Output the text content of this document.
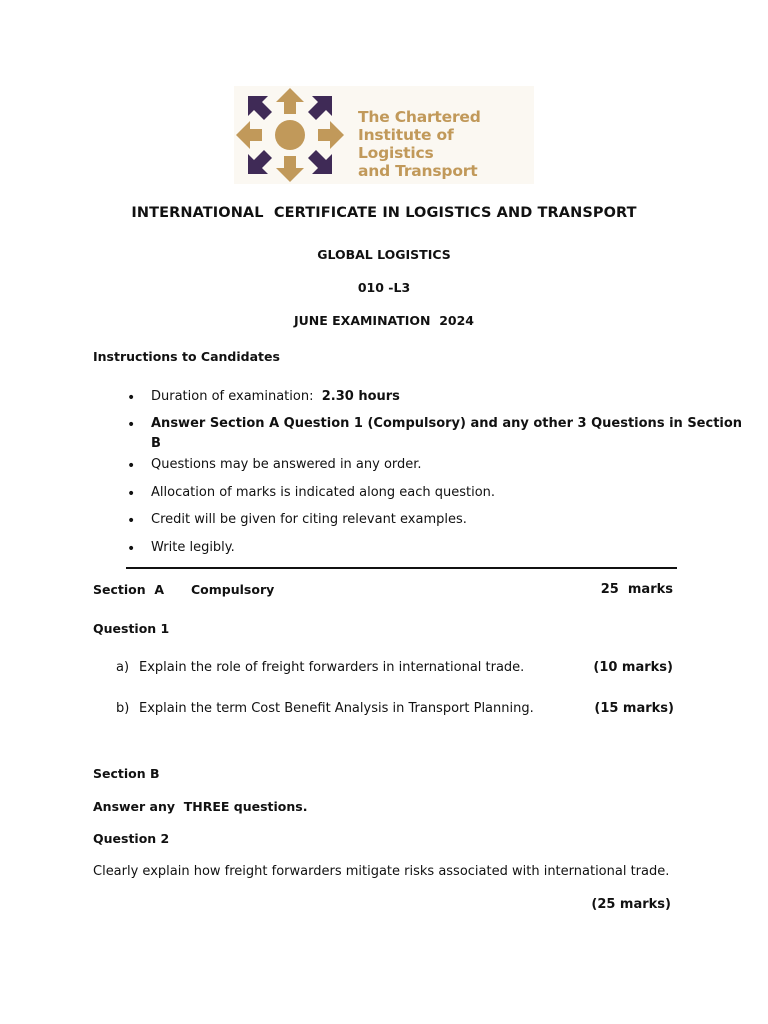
The Chartered
Institute of Logistics
and Transport
INTERNATIONAL  CERTIFICATE IN LOGISTICS AND TRANSPORT
GLOBAL LOGISTICS
010 -L3
JUNE EXAMINATION  2024
Instructions to Candidates
• Duration of examination:  2.30 hours
• Answer Section A Question 1 (Compulsory) and any other 3 Questions in Section
B
• Questions may be answered in any order.
• Allocation of marks is indicated along each question.
• Credit will be given for citing relevant examples.
• Write legibly.
Section  A Compulsory	25  marks
Question 1
a) Explain the role of freight forwarders in international trade.	(10 marks)
b) Explain the term Cost Benefit Analysis in Transport Planning.	(15 marks)
Section B
Answer any  THREE questions.
Question 2
Clearly explain how freight forwarders mitigate risks associated with international trade.
(25 marks)
